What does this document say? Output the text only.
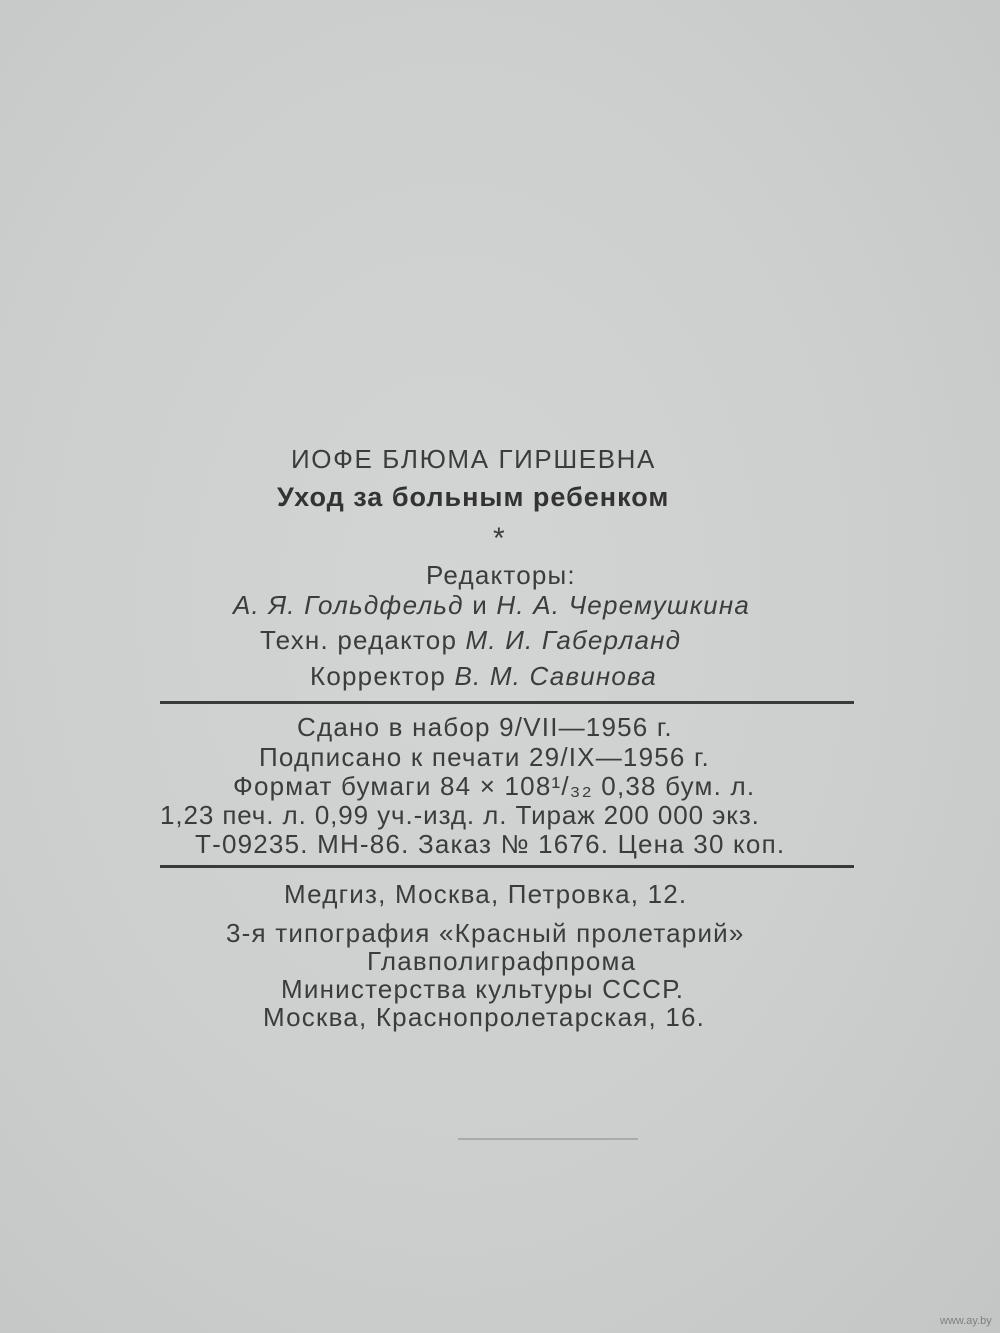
ИОФЕ БЛЮМА ГИРШЕВНА
Уход за больным ребенком
*
Редакторы:
А. Я. Гольдфельд и Н. А. Черемушкина
Техн. редактор М. И. Габерланд
Корректор В. М. Савинова
Сдано в набор 9/VII—1956 г.
Подписано к печати 29/IX—1956 г.
Формат бумаги 84 × 108¹/₃₂ 0,38 бум. л.
1,23 печ. л. 0,99 уч.-изд. л. Тираж 200 000 экз.
Т-09235. МН-86. Заказ № 1676. Цена 30 коп.
Медгиз, Москва, Петровка, 12.
3-я типография «Красный пролетарий»
Главполиграфпрома
Министерства культуры СССР.
Москва, Краснопролетарская, 16.
www.ay.by
